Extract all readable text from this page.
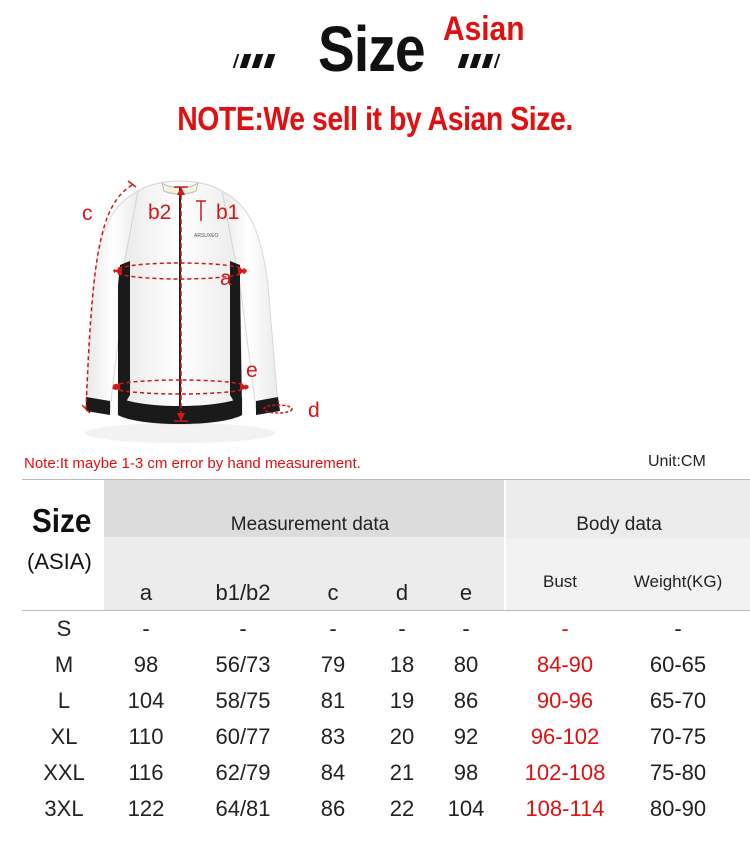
Size Asian
NOTE:We sell it by Asian Size.
ARSUXEO
c	b2 b1
a
e
d
Note:It maybe 1-3 cm error by hand measurement.	Unit:CM
Size
(ASIA)
Measurement data	Body data
a	b1/b2	c	d	e	Bust	Weight(KG)
S	-	-	-	-	-	-	-
M	98	56/73	79	18	80	84-90	60-65
L	104	58/75	81	19	86	90-96	65-70
XL	110	60/77	83	20	92	96-102	70-75
XXL	116	62/79	84	21	98	102-108	75-80
3XL	122	64/81	86	22	104	108-114	80-90
